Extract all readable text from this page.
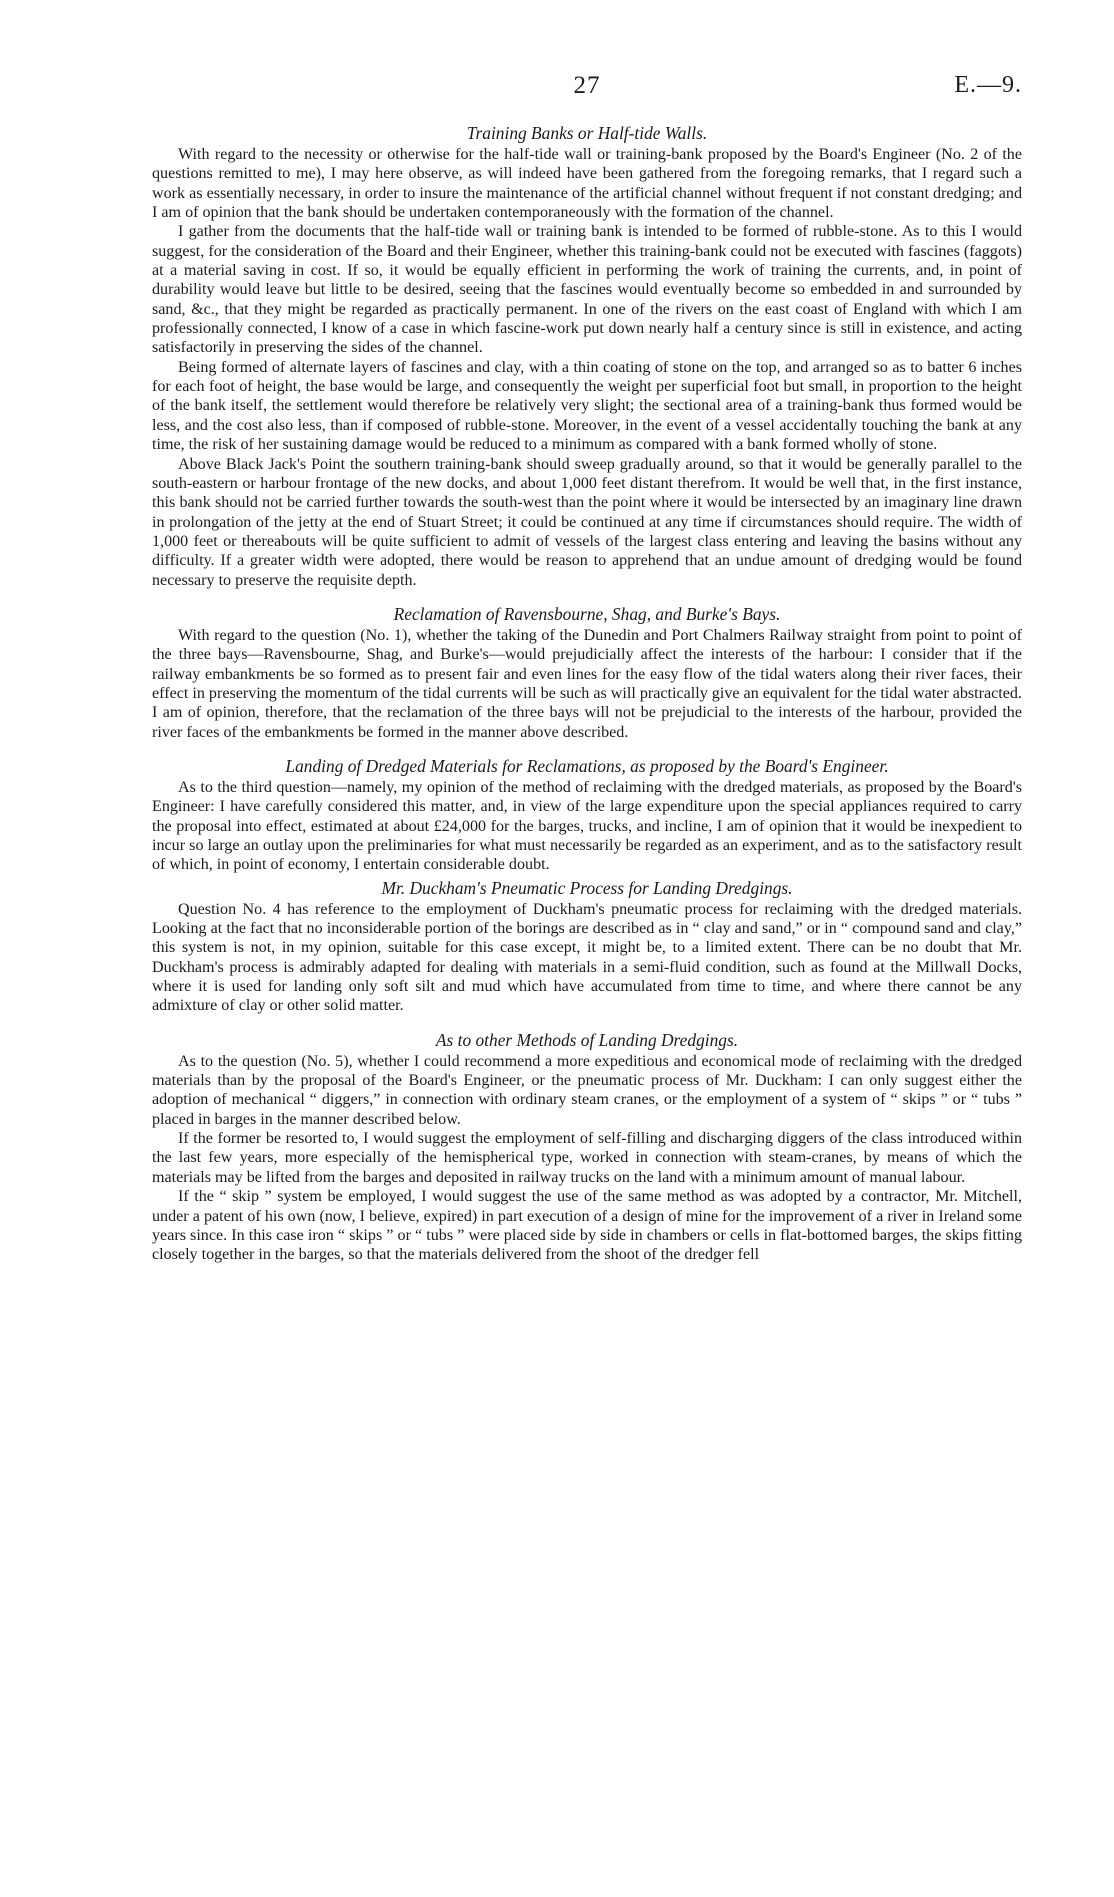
27	E.—9.
Training Banks or Half-tide Walls.

With regard to the necessity or otherwise for the half-tide wall or training-bank proposed by the Board's Engineer (No. 2 of the questions remitted to me), I may here observe, as will indeed have been gathered from the foregoing remarks, that I regard such a work as essentially necessary, in order to insure the maintenance of the artificial channel without frequent if not constant dredging; and I am of opinion that the bank should be undertaken contemporaneously with the formation of the channel.

I gather from the documents that the half-tide wall or training bank is intended to be formed of rubble-stone. As to this I would suggest, for the consideration of the Board and their Engineer, whether this training-bank could not be executed with fascines (faggots) at a material saving in cost. If so, it would be equally efficient in performing the work of training the currents, and, in point of durability would leave but little to be desired, seeing that the fascines would eventually become so embedded in and surrounded by sand, &c., that they might be regarded as practically permanent. In one of the rivers on the east coast of England with which I am professionally connected, I know of a case in which fascine-work put down nearly half a century since is still in existence, and acting satisfactorily in preserving the sides of the channel.

Being formed of alternate layers of fascines and clay, with a thin coating of stone on the top, and arranged so as to batter 6 inches for each foot of height, the base would be large, and consequently the weight per superficial foot but small, in proportion to the height of the bank itself, the settlement would therefore be relatively very slight; the sectional area of a training-bank thus formed would be less, and the cost also less, than if composed of rubble-stone. Moreover, in the event of a vessel accidentally touching the bank at any time, the risk of her sustaining damage would be reduced to a minimum as compared with a bank formed wholly of stone.

Above Black Jack's Point the southern training-bank should sweep gradually around, so that it would be generally parallel to the south-eastern or harbour frontage of the new docks, and about 1,000 feet distant therefrom. It would be well that, in the first instance, this bank should not be carried further towards the south-west than the point where it would be intersected by an imaginary line drawn in prolongation of the jetty at the end of Stuart Street; it could be continued at any time if circumstances should require. The width of 1,000 feet or thereabouts will be quite sufficient to admit of vessels of the largest class entering and leaving the basins without any difficulty. If a greater width were adopted, there would be reason to apprehend that an undue amount of dredging would be found necessary to preserve the requisite depth.

Reclamation of Ravensbourne, Shag, and Burke's Bays.

With regard to the question (No. 1), whether the taking of the Dunedin and Port Chalmers Railway straight from point to point of the three bays—Ravensbourne, Shag, and Burke's—would prejudicially affect the interests of the harbour: I consider that if the railway embankments be so formed as to present fair and even lines for the easy flow of the tidal waters along their river faces, their effect in preserving the momentum of the tidal currents will be such as will practically give an equivalent for the tidal water abstracted. I am of opinion, therefore, that the reclamation of the three bays will not be prejudicial to the interests of the harbour, provided the river faces of the embankments be formed in the manner above described.

Landing of Dredged Materials for Reclamations, as proposed by the Board's Engineer.

As to the third question—namely, my opinion of the method of reclaiming with the dredged materials, as proposed by the Board's Engineer: I have carefully considered this matter, and, in view of the large expenditure upon the special appliances required to carry the proposal into effect, estimated at about £24,000 for the barges, trucks, and incline, I am of opinion that it would be inexpedient to incur so large an outlay upon the preliminaries for what must necessarily be regarded as an experiment, and as to the satisfactory result of which, in point of economy, I entertain considerable doubt.

Mr. Duckham's Pneumatic Process for Landing Dredgings.

Question No. 4 has reference to the employment of Duckham's pneumatic process for reclaiming with the dredged materials. Looking at the fact that no inconsiderable portion of the borings are described as in “ clay and sand,” or in “ compound sand and clay,” this system is not, in my opinion, suitable for this case except, it might be, to a limited extent. There can be no doubt that Mr. Duckham's process is admirably adapted for dealing with materials in a semi-fluid condition, such as found at the Millwall Docks, where it is used for landing only soft silt and mud which have accumulated from time to time, and where there cannot be any admixture of clay or other solid matter.

As to other Methods of Landing Dredgings.

As to the question (No. 5), whether I could recommend a more expeditious and economical mode of reclaiming with the dredged materials than by the proposal of the Board's Engineer, or the pneumatic process of Mr. Duckham: I can only suggest either the adoption of mechanical “ diggers,” in connection with ordinary steam cranes, or the employment of a system of “ skips ” or “ tubs ” placed in barges in the manner described below.

If the former be resorted to, I would suggest the employment of self-filling and discharging diggers of the class introduced within the last few years, more especially of the hemispherical type, worked in connection with steam-cranes, by means of which the materials may be lifted from the barges and deposited in railway trucks on the land with a minimum amount of manual labour.

If the “ skip ” system be employed, I would suggest the use of the same method as was adopted by a contractor, Mr. Mitchell, under a patent of his own (now, I believe, expired) in part execution of a design of mine for the improvement of a river in Ireland some years since. In this case iron “ skips ” or “ tubs ” were placed side by side in chambers or cells in flat-bottomed barges, the skips fitting closely together in the barges, so that the materials delivered from the shoot of the dredger fell
